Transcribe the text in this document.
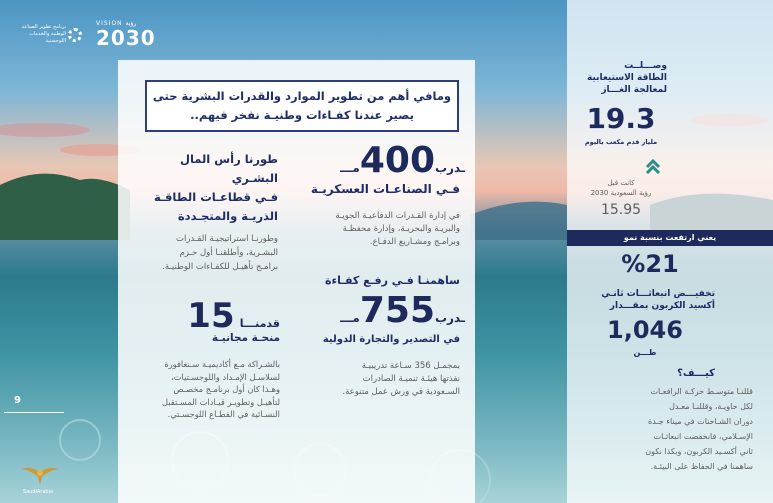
برنامج تطوير الصناعة الوطنية والخدمات اللوجستية
VISION رؤية
2030
ومافي أهم من تطوير الموارد والقدرات البشرية حتى
يصير عندنا كفـاءات وطنيـة نفخر فيهم..
ـدرب400مـــ
فـي الصناعـات العسكريـة
في إدارة القـدرات الدفاعيـة الجويـة
والبريـة والبحريـة، وإدارة محفظـة
وبرامـج ومشـاريع الدفـاع.
طورنا رأس المال البشـري
فـي قطاعـات الطاقـة
الذريـة والمتجـددة
وطورنـا استراتيجيـة القـدرات
البشـرية، وأطلقنـا أول حـزم
برامـج تأهيـل للكفـاءات الوطنيـة.
ساهمنـا فـي رفـع كفـاءة
ـدرب755مـــ
في التصدير والتجارة الدولية
بمجمـل 356 سـاعة تدريبيـة
نفذتها هيئـة تنميـة الصادرات
السـعودية في ورش عمل متنوعة.
قدمنـــا 15
منحـة مجانيـة
بالشـراكة مـع أكاديميـة سـنغافورة
لسلاسـل الإمـداد واللوجسـتيات،
وهـذا كان أول برنامـج مخصـص
لتأهيـل وتطويـر قيـادات المسـتقبل
النسـائية في القطـاع اللوجسـتي.
وصـــلــت
الطاقة الاستيعابية
لمعالجة الغـــاز
19.3
مليار قدم مكعب باليوم
كانت قبل
رؤية السعودية 2030
15.95
يعني ارتفعت بنسبة نمو
%21
تخفيـــض انبعاثـــات ثانـي
أكسيد الكربون بمقـــدار
1,046
طـــن
كيـــف؟
قللنـا متوسـط حركـة الرافعـات
لكل حاويـة، وقللنـا معـدل
دوران الشـاحنات في ميناء جـدة
الإسـلامي، فانخفضت انبعاثـات
ثاني أكسـيد الكربون، وبكذا نكون
ساهمنا في الحفاظ على البيئـة.
9
SaudiArabia
